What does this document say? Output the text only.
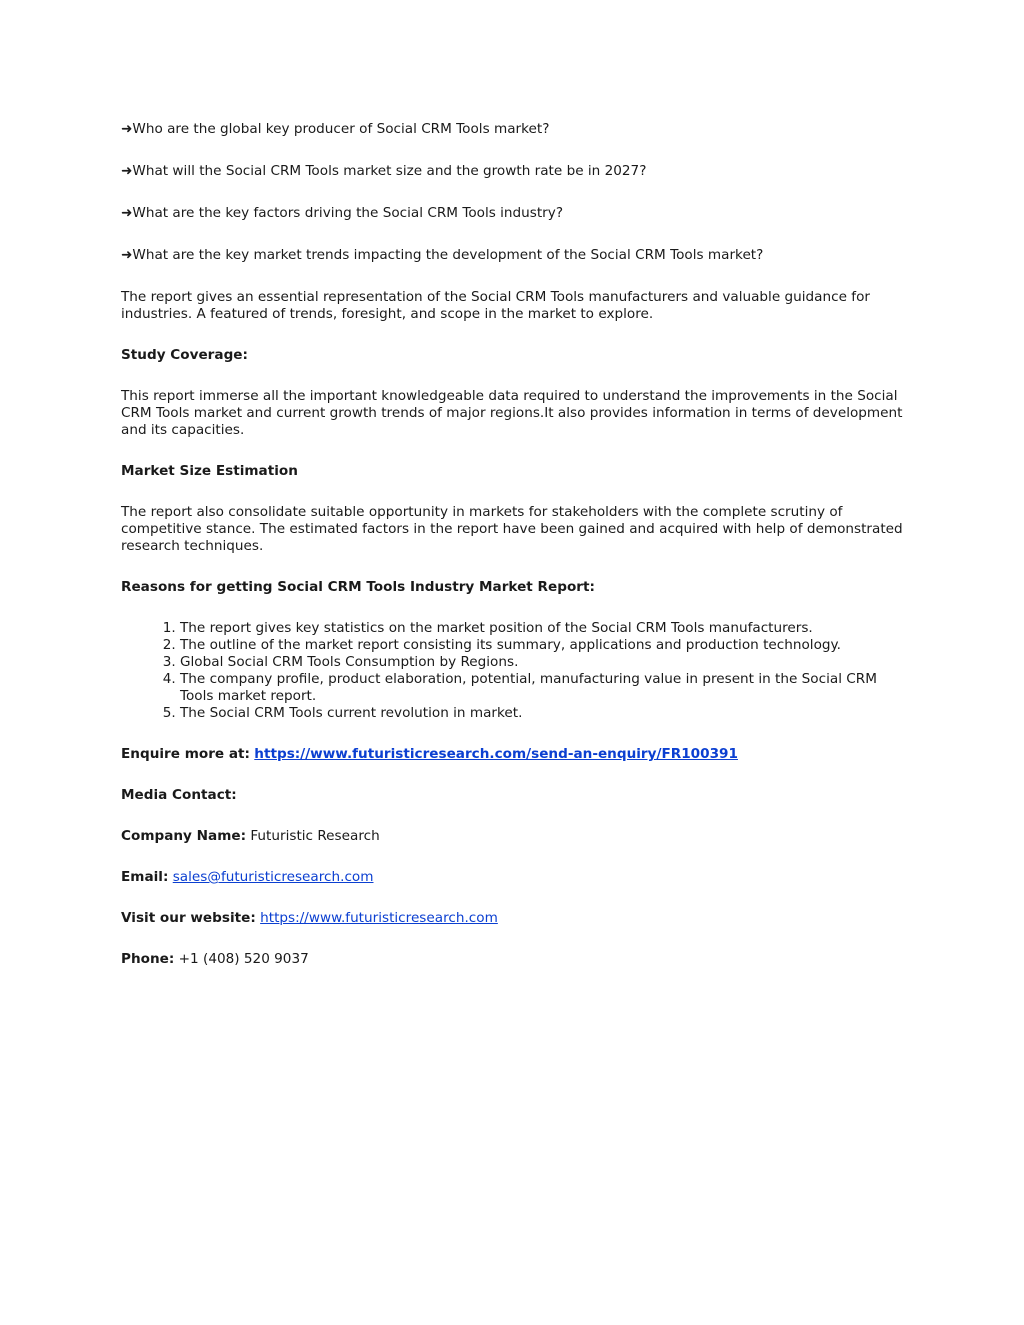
➜Who are the global key producer of Social CRM Tools market?
➜What will the Social CRM Tools market size and the growth rate be in 2027?
➜What are the key factors driving the Social CRM Tools industry?
➜What are the key market trends impacting the development of the Social CRM Tools market?

The report gives an essential representation of the Social CRM Tools manufacturers and valuable guidance for industries. A featured of trends, foresight, and scope in the market to explore.

Study Coverage:

This report immerse all the important knowledgeable data required to understand the improvements in the Social CRM Tools market and current growth trends of major regions.It also provides information in terms of development and its capacities.

Market Size Estimation

The report also consolidate suitable opportunity in markets for stakeholders with the complete scrutiny of competitive stance. The estimated factors in the report have been gained and acquired with help of demonstrated research techniques.

Reasons for getting Social CRM Tools Industry Market Report:
1. The report gives key statistics on the market position of the Social CRM Tools manufacturers.
2. The outline of the market report consisting its summary, applications and production technology.
3. Global Social CRM Tools Consumption by Regions.
4. The company profile, product elaboration, potential, manufacturing value in present in the Social CRM Tools market report.
5. The Social CRM Tools current revolution in market.
Enquire more at: https://www.futuristicresearch.com/send-an-enquiry/FR100391
Media Contact:
Company Name: Futuristic Research
Email: sales@futuristicresearch.com
Visit our website: https://www.futuristicresearch.com
Phone: +1 (408) 520 9037
